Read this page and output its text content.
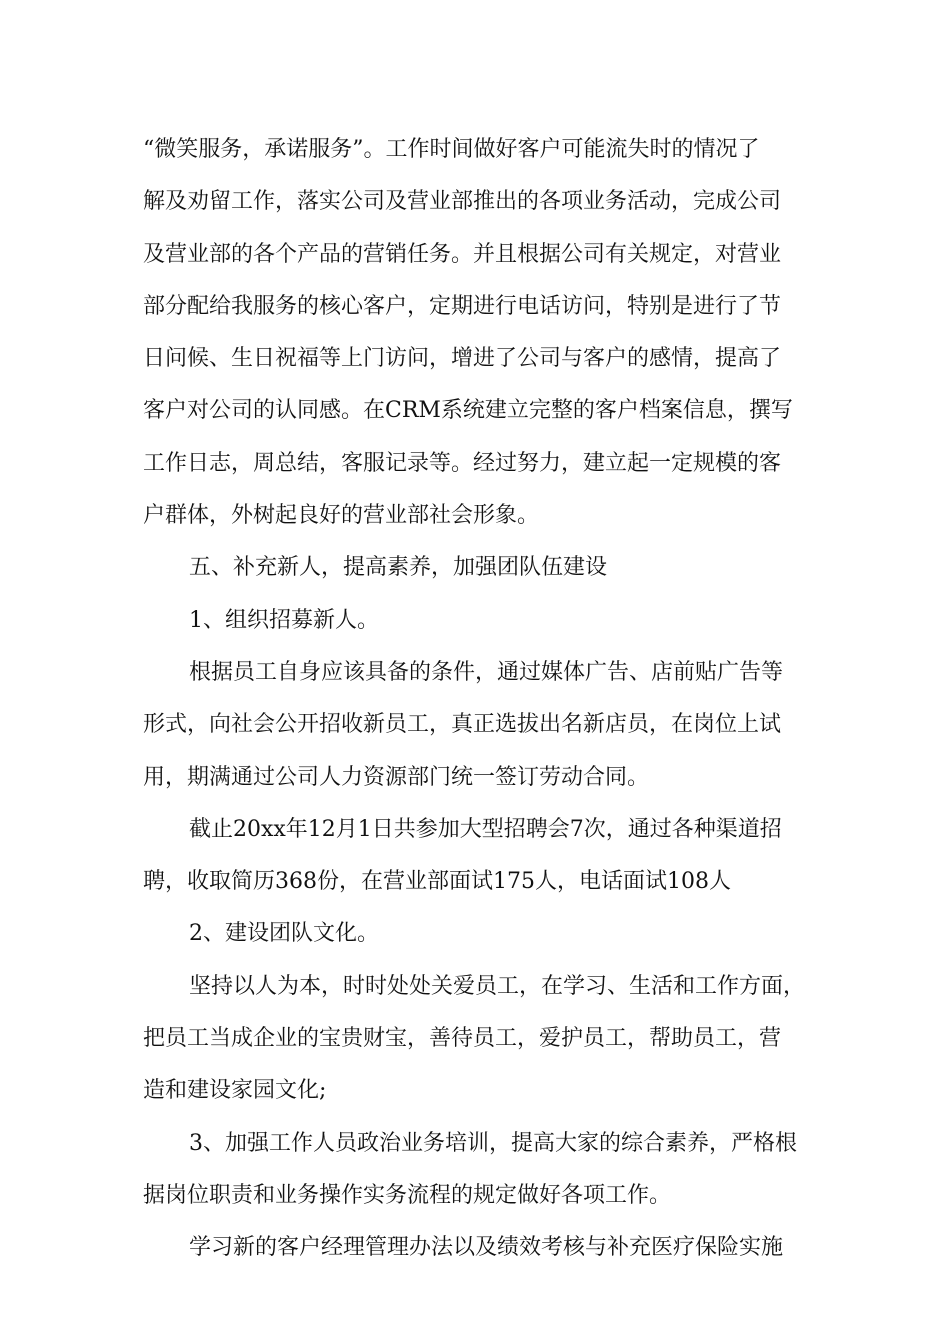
“微笑服务，承诺服务”。工作时间做好客户可能流失时的情况了

解及劝留工作，落实公司及营业部推出的各项业务活动，完成公司

及营业部的各个产品的营销任务。并且根据公司有关规定，对营业

部分配给我服务的核心客户，定期进行电话访问，特别是进行了节

日问候、生日祝福等上门访问，增进了公司与客户的感情，提高了

客户对公司的认同感。在CRM系统建立完整的客户档案信息，撰写

工作日志，周总结，客服记录等。经过努力，建立起一定规模的客

户群体，外树起良好的营业部社会形象。

五、补充新人，提高素养，加强团队伍建设

1、组织招募新人。

根据员工自身应该具备的条件，通过媒体广告、店前贴广告等

形式，向社会公开招收新员工，真正选拔出名新店员，在岗位上试

用，期满通过公司人力资源部门统一签订劳动合同。

截止20xx年12月1日共参加大型招聘会7次，通过各种渠道招

聘，收取简历368份，在营业部面试175人，电话面试108人

2、建设团队文化。

坚持以人为本，时时处处关爱员工，在学习、生活和工作方面，

把员工当成企业的宝贵财宝，善待员工，爱护员工，帮助员工，营

造和建设家园文化;

3、加强工作人员政治业务培训，提高大家的综合素养，严格根

据岗位职责和业务操作实务流程的规定做好各项工作。

学习新的客户经理管理办法以及绩效考核与补充医疗保险实施
